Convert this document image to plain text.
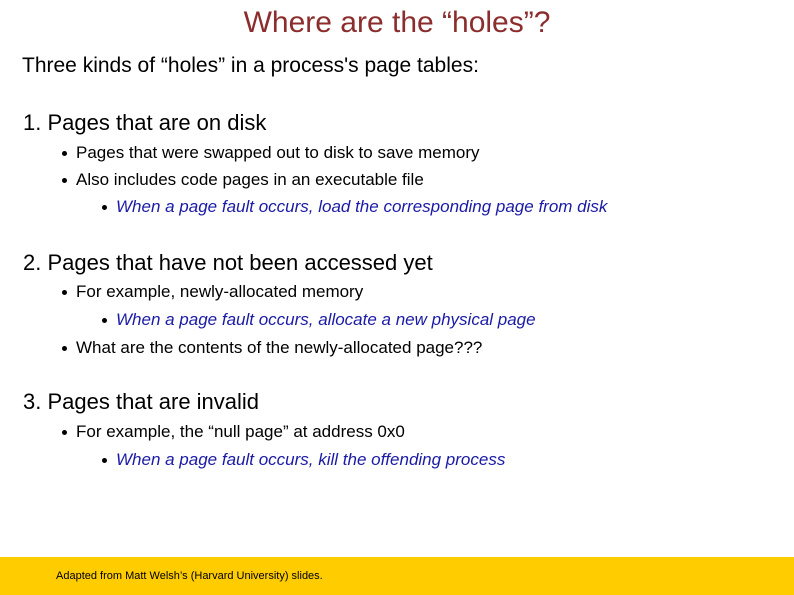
Where are the “holes”?
Three kinds of “holes” in a process's page tables:
1. Pages that are on disk
Pages that were swapped out to disk to save memory
Also includes code pages in an executable file
When a page fault occurs, load the corresponding page from disk
2. Pages that have not been accessed yet
For example, newly-allocated memory
When a page fault occurs, allocate a new physical page
What are the contents of the newly-allocated page???
3. Pages that are invalid
For example, the “null page” at address 0x0
When a page fault occurs, kill the offending process
Adapted from Matt Welsh’s (Harvard University) slides.
